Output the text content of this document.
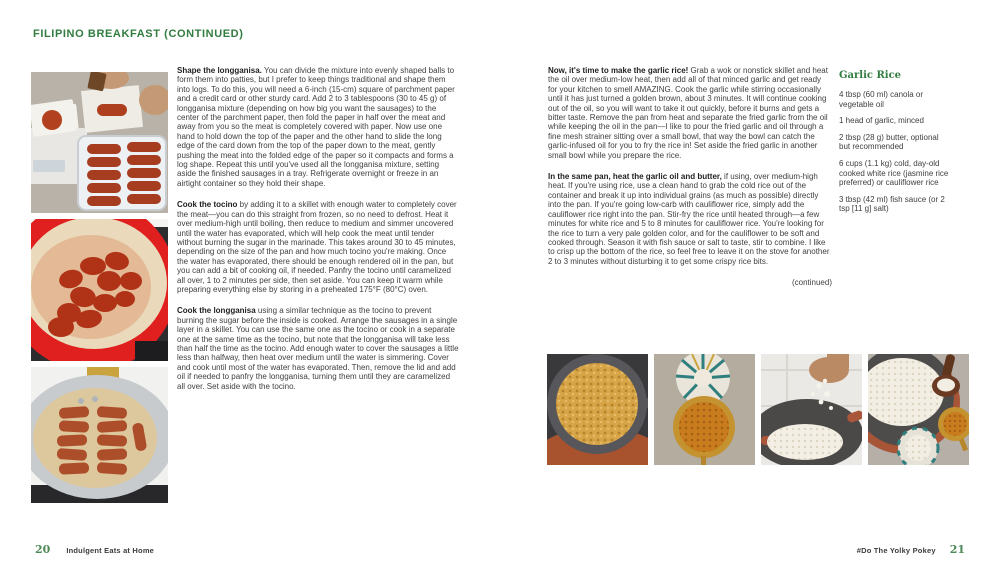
FILIPINO BREAKFAST (CONTINUED)

Shape the longganisa. You can divide the mixture into evenly shaped balls to form them into patties, but I prefer to keep things traditional and shape them into logs. To do this, you will need a 6-inch (15-cm) square of parchment paper and a credit card or other sturdy card. Add 2 to 3 tablespoons (30 to 45 g) of longganisa mixture (depending on how big you want the sausages) to the center of the parchment paper, then fold the paper in half over the meat and away from you so the meat is completely covered with paper. Now use one hand to hold down the top of the paper and the other hand to slide the long edge of the card down from the top of the paper down to the meat, gently pushing the meat into the folded edge of the paper so it compacts and forms a log shape. Repeat this until you've used all the longganisa mixture, setting aside the finished sausages in a tray. Refrigerate overnight or freeze in an airtight container so they hold their shape.

Cook the tocino by adding it to a skillet with enough water to completely cover the meat—you can do this straight from frozen, so no need to defrost. Heat it over medium-high until boiling, then reduce to medium and simmer uncovered until the water has evaporated, which will help cook the meat until tender without burning the sugar in the marinade. This takes around 30 to 45 minutes, depending on the size of the pan and how much tocino you're making. Once the water has evaporated, there should be enough rendered oil in the pan, but you can add a bit of cooking oil, if needed. Panfry the tocino until caramelized all over, 1 to 2 minutes per side, then set aside. You can keep it warm while preparing everything else by storing in a preheated 175°F (80°C) oven.

Cook the longganisa using a similar technique as the tocino to prevent burning the sugar before the inside is cooked. Arrange the sausages in a single layer in a skillet. You can use the same one as the tocino or cook in a separate one at the same time as the tocino, but note that the longganisa will take less than half the time as the tocino. Add enough water to cover the sausages a little less than halfway, then heat over medium until the water is simmering. Cover and cook until most of the water has evaporated. Then, remove the lid and add oil if needed to panfry the longganisa, turning them until they are caramelized all over. Set aside with the tocino.

Now, it's time to make the garlic rice! Grab a wok or nonstick skillet and heat the oil over medium-low heat, then add all of that minced garlic and get ready for your kitchen to smell AMAZING. Cook the garlic while stirring occasionally until it has just turned a golden brown, about 3 minutes. It will continue cooking out of the oil, so you will want to take it out quickly, before it burns and gets a bitter taste. Remove the pan from heat and separate the fried garlic from the oil while keeping the oil in the pan—I like to pour the fried garlic and oil through a fine mesh strainer sitting over a small bowl, that way the bowl can catch the garlic-infused oil for you to fry the rice in! Set aside the fried garlic in another small bowl while you prepare the rice.

In the same pan, heat the garlic oil and butter, if using, over medium-high heat. If you're using rice, use a clean hand to grab the cold rice out of the container and break it up into individual grains (as much as possible) directly into the pan. If you're going low-carb with cauliflower rice, simply add the cauliflower rice right into the pan. Stir-fry the rice until heated through—a few minutes for white rice and 5 to 8 minutes for cauliflower rice. You're looking for the rice to turn a very pale golden color, and for the cauliflower to be soft and cooked through. Season it with fish sauce or salt to taste, stir to combine. I like to crisp up the bottom of the rice, so feel free to leave it on the stove for another 2 to 3 minutes without disturbing it to get some crispy rice bits.

(continued)
Garlic Rice
4 tbsp (60 ml) canola or vegetable oil
1 head of garlic, minced
2 tbsp (28 g) butter, optional but recommended
6 cups (1.1 kg) cold, day-old cooked white rice (jasmine rice preferred) or cauliflower rice
3 tbsp (42 ml) fish sauce (or 2 tsp [11 g] salt)
20 Indulgent Eats at Home	#Do The Yolky Pokey 21
